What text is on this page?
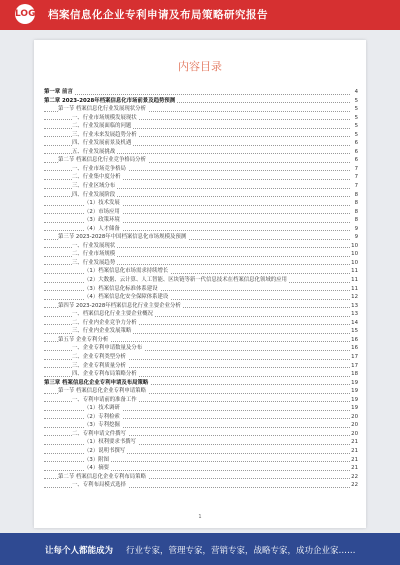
LOGO 档案信息化企业专利申请及布局策略研究报告
内容目录
第一章 前言	4
第二章 2023-2028年档案信息化市场前景及趋势预测	5
第一节 档案信息化行业发展现状分析	5
一、行业市场规模发展现状	5
二、行业发展面临的问题	5
三、行业未来发展趋势分析	5
四、行业发展前景及机遇	6
五、行业发展挑战	6
第二节 档案信息化行业竞争格局分析	6
一、行业市场竞争格局	7
二、行业集中度分析	7
三、行业区域分布	7
四、行业发展阶段	8
（1）技术发展	8
（2）市场应用	8
（3）政策环境	8
（4）人才储备	9
第三节 2023-2028年中国档案信息化市场规模及预测	9
一、行业发展现状	10
二、行业市场规模	10
三、行业发展趋势	10
（1）档案信息化市场需求持续增长	11
（2）大数据、云计算、人工智能、区块链等新一代信息技术在档案信息化领域的应用	11
（3）档案信息化标准体系建设	11
（4）档案信息化安全保障体系建设	12
第四节 2023-2028年档案信息化行业主要企业分析	13
一、档案信息化行业主要企业概况	13
二、行业内企业竞争力分析	14
三、行业内企业发展策略	15
第五节 企业专利分析	16
一、企业专利申请数量及分布	16
二、企业专利类型分析	17
三、企业专利质量分析	17
四、企业专利布局策略分析	18
第三章 档案信息化企业专利申请及布局策略	19
第一节 档案信息化企业专利申请策略	19
一、专利申请前的准备工作	19
（1）技术调研	19
（2）专利检索	20
（3）专利挖掘	20
二、专利申请文件撰写	20
（1）权利要求书撰写	21
（2）说明书撰写	21
（3）附图	21
（4）摘要	21
第二节 档案信息化企业专利布局策略	22
一、专利布局模式选择	22
1
让每个人都能成为 行业专家，管理专家，营销专家，战略专家，成功企业家……
